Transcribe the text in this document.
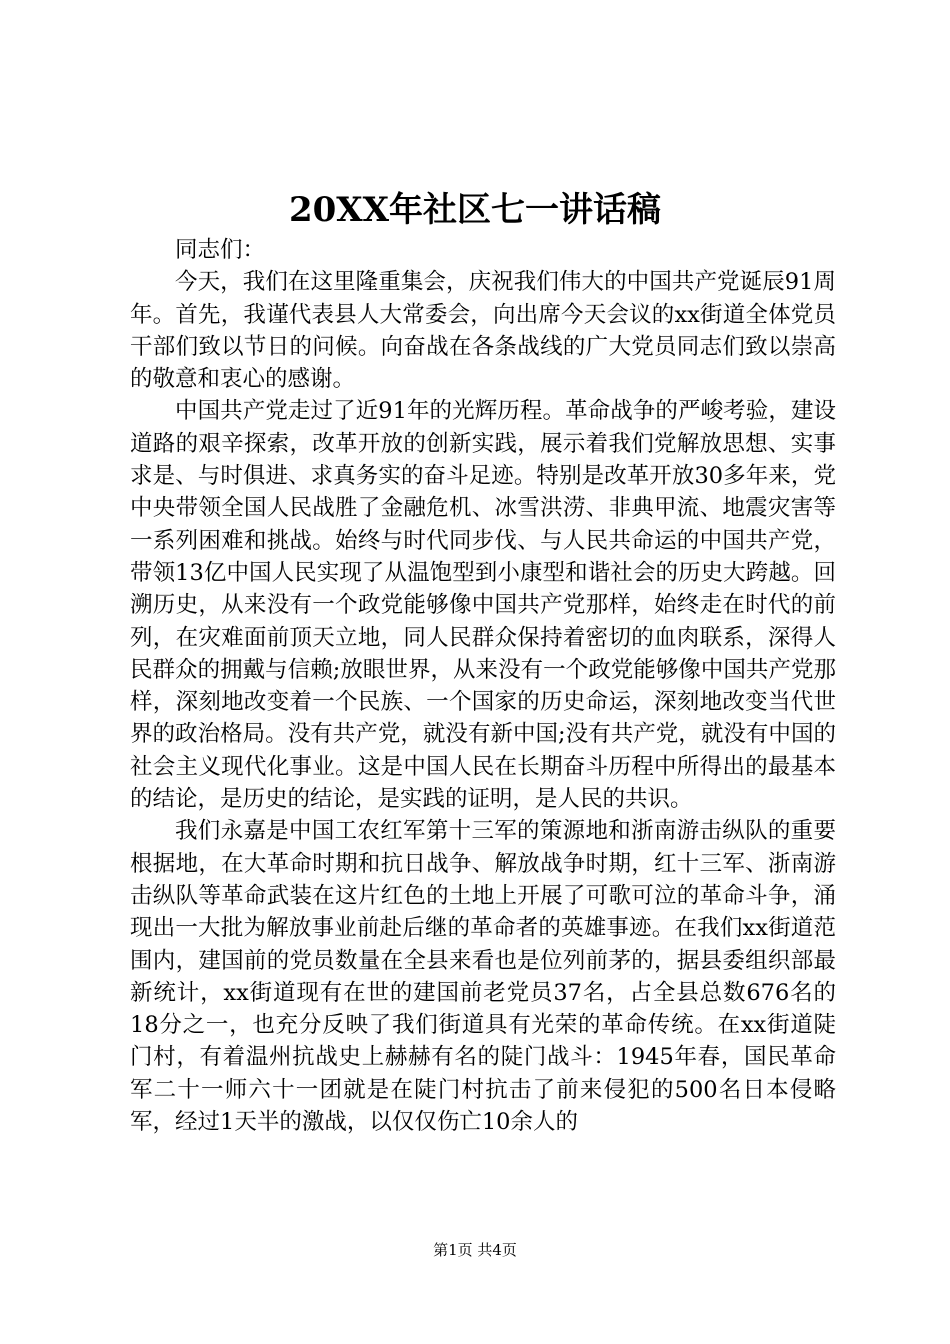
20XX年社区七一讲话稿

同志们：

今天，我们在这里隆重集会，庆祝我们伟大的中国共产党诞辰91周年。首先，我谨代表县人大常委会，向出席今天会议的xx街道全体党员干部们致以节日的问候。向奋战在各条战线的广大党员同志们致以崇高的敬意和衷心的感谢。

中国共产党走过了近91年的光辉历程。革命战争的严峻考验，建设道路的艰辛探索，改革开放的创新实践，展示着我们党解放思想、实事求是、与时俱进、求真务实的奋斗足迹。特别是改革开放30多年来，党中央带领全国人民战胜了金融危机、冰雪洪涝、非典甲流、地震灾害等一系列困难和挑战。始终与时代同步伐、与人民共命运的中国共产党，带领13亿中国人民实现了从温饱型到小康型和谐社会的历史大跨越。回溯历史，从来没有一个政党能够像中国共产党那样，始终走在时代的前列，在灾难面前顶天立地，同人民群众保持着密切的血肉联系，深得人民群众的拥戴与信赖;放眼世界，从来没有一个政党能够像中国共产党那样，深刻地改变着一个民族、一个国家的历史命运，深刻地改变当代世界的政治格局。没有共产党，就没有新中国;没有共产党，就没有中国的社会主义现代化事业。这是中国人民在长期奋斗历程中所得出的最基本的结论，是历史的结论，是实践的证明，是人民的共识。

我们永嘉是中国工农红军第十三军的策源地和浙南游击纵队的重要根据地，在大革命时期和抗日战争、解放战争时期，红十三军、浙南游击纵队等革命武装在这片红色的土地上开展了可歌可泣的革命斗争，涌现出一大批为解放事业前赴后继的革命者的英雄事迹。在我们xx街道范围内，建国前的党员数量在全县来看也是位列前茅的，据县委组织部最新统计，xx街道现有在世的建国前老党员37名，占全县总数676名的18分之一，也充分反映了我们街道具有光荣的革命传统。在xx街道陡门村，有着温州抗战史上赫赫有名的陡门战斗：1945年春，国民革命军二十一师六十一团就是在陡门村抗击了前来侵犯的500名日本侵略军，经过1天半的激战，以仅仅伤亡10余人的

第1页 共4页
